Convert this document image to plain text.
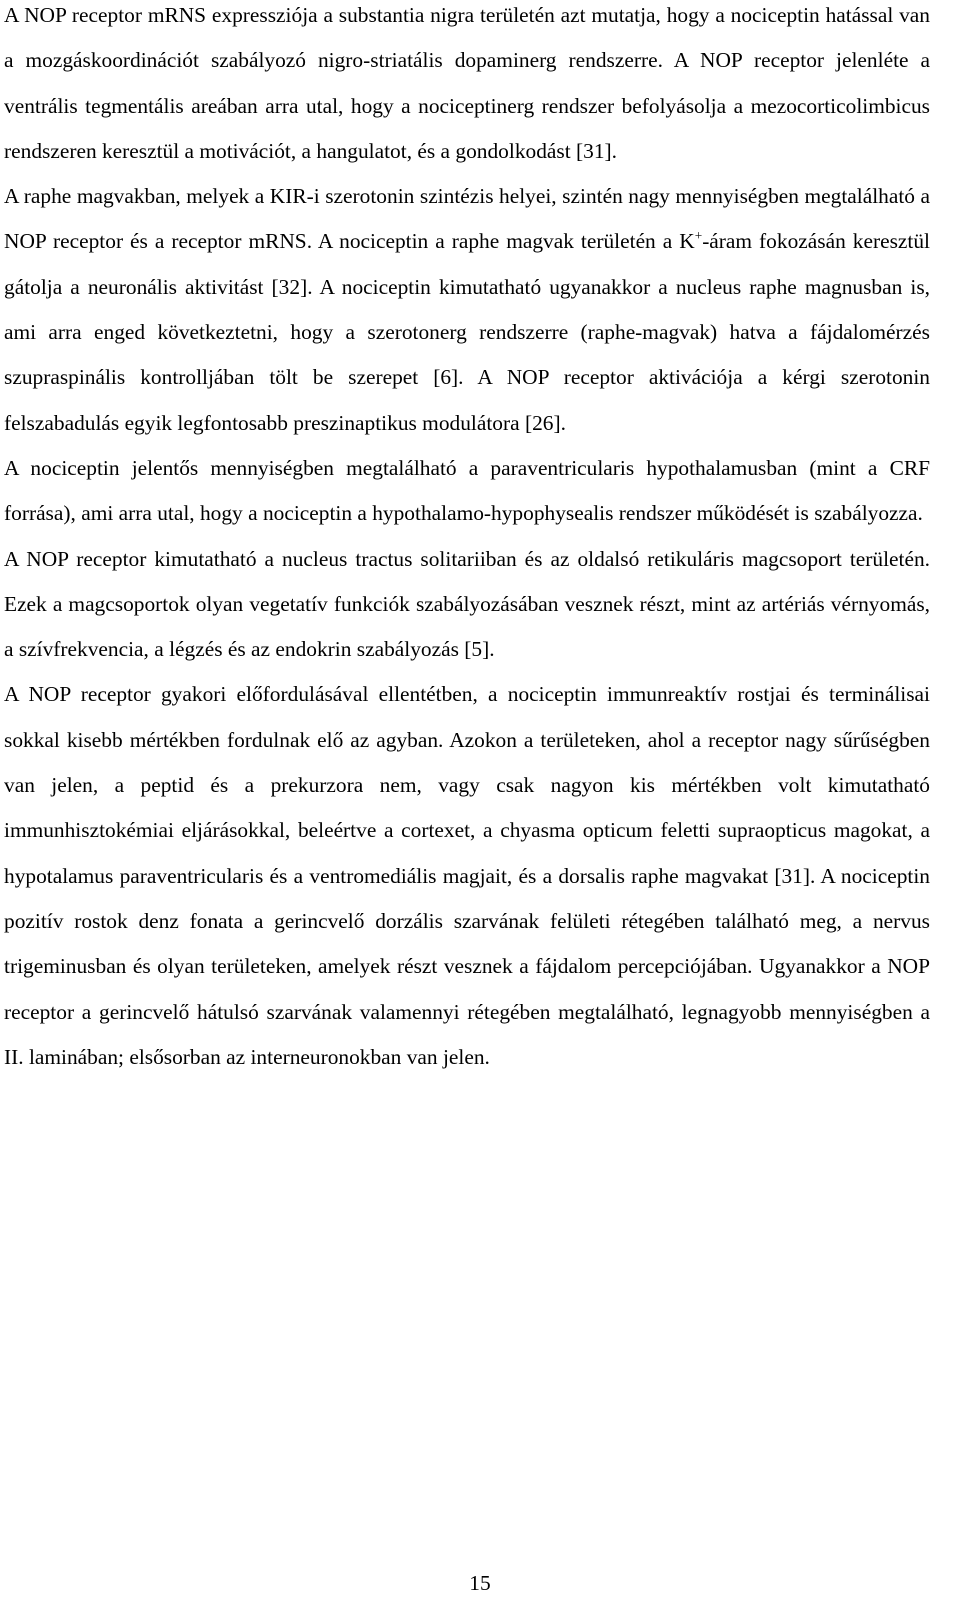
A NOP receptor mRNS expressziója a substantia nigra területén azt mutatja, hogy a nociceptin hatással van a mozgáskoordinációt szabályozó nigro-striatális dopaminerg rendszerre. A NOP receptor jelenléte a ventrális tegmentális areában arra utal, hogy a nociceptinerg rendszer befolyásolja a mezocorticolimbicus rendszeren keresztül a motivációt, a hangulatot, és a gondolkodást [31].

A raphe magvakban, melyek a KIR-i szerotonin szintézis helyei, szintén nagy mennyiségben megtalálható a NOP receptor és a receptor mRNS. A nociceptin a raphe magvak területén a K+-áram fokozásán keresztül gátolja a neuronális aktivitást [32]. A nociceptin kimutatható ugyanakkor a nucleus raphe magnusban is, ami arra enged következtetni, hogy a szerotonerg rendszerre (raphe-magvak) hatva a fájdalomérzés szupraspinális kontrolljában tölt be szerepet [6]. A NOP receptor aktivációja a kérgi szerotonin felszabadulás egyik legfontosabb preszinaptikus modulátora [26].

A nociceptin jelentős mennyiségben megtalálható a paraventricularis hypothalamusban (mint a CRF forrása), ami arra utal, hogy a nociceptin a hypothalamo-hypophysealis rendszer működését is szabályozza.

A NOP receptor kimutatható a nucleus tractus solitariiban és az oldalsó retikuláris magcsoport területén. Ezek a magcsoportok olyan vegetatív funkciók szabályozásában vesznek részt, mint az artériás vérnyomás, a szívfrekvencia, a légzés és az endokrin szabályozás [5].

A NOP receptor gyakori előfordulásával ellentétben, a nociceptin immunreaktív rostjai és terminálisai sokkal kisebb mértékben fordulnak elő az agyban. Azokon a területeken, ahol a receptor nagy sűrűségben van jelen, a peptid és a prekurzora nem, vagy csak nagyon kis mértékben volt kimutatható immunhisztokémiai eljárásokkal, beleértve a cortexet, a chyasma opticum feletti supraopticus magokat, a hypotalamus paraventricularis és a ventromediális magjait, és a dorsalis raphe magvakat [31]. A nociceptin pozitív rostok denz fonata a gerincvelő dorzális szarvának felületi rétegében található meg, a nervus trigeminusban és olyan területeken, amelyek részt vesznek a fájdalom percepciójában. Ugyanakkor a NOP receptor a gerincvelő hátulsó szarvának valamennyi rétegében megtalálható, legnagyobb mennyiségben a II. laminában; elsősorban az interneuronokban van jelen.

15
